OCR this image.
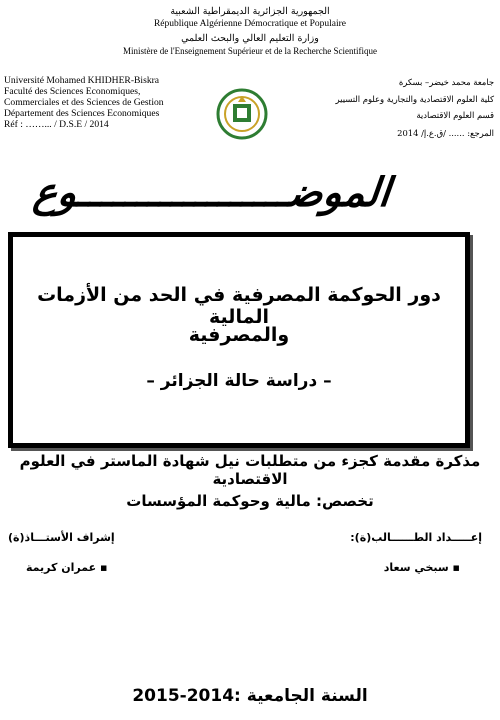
الجمهورية الجزائرية الديمقراطية الشعبية
République Algérienne Démocratique et Populaire
وزارة التعليم العالي والبحث العلمي
Ministère de l'Enseignement Supérieur et de la Recherche Scientifique
Université Mohamed KHIDHER-Biskra
Faculté des Sciences Economiques,
Commerciales et des Sciences de Gestion
Département des Sciences Economiques
Réf : ……... / D.S.E / 2014
جامعة محمد خيضر– بسكرة
كلية العلوم الاقتصادية والتجارية وعلوم التسيير
قسم العلوم الاقتصادية
المرجع: ...... /ق.ع.إ/ 2014
الموضــــــــــــــــــوع
دور الحوكمة المصرفية في الحد من الأزمات المالية
والمصرفية
– دراسة حالة الجزائر –
مذكرة مقدمة كجزء من متطلبات نيل شهادة الماستر في العلوم الاقتصادية
تخصص: مالية وحوكمة المؤسسات
إعـــــداد الطــــــالب(ة):
إشراف الأستـــاذ(ة)
▪ سبخي سعاد
▪ عمران كريمة
السنة الجامعية :2014-2015
